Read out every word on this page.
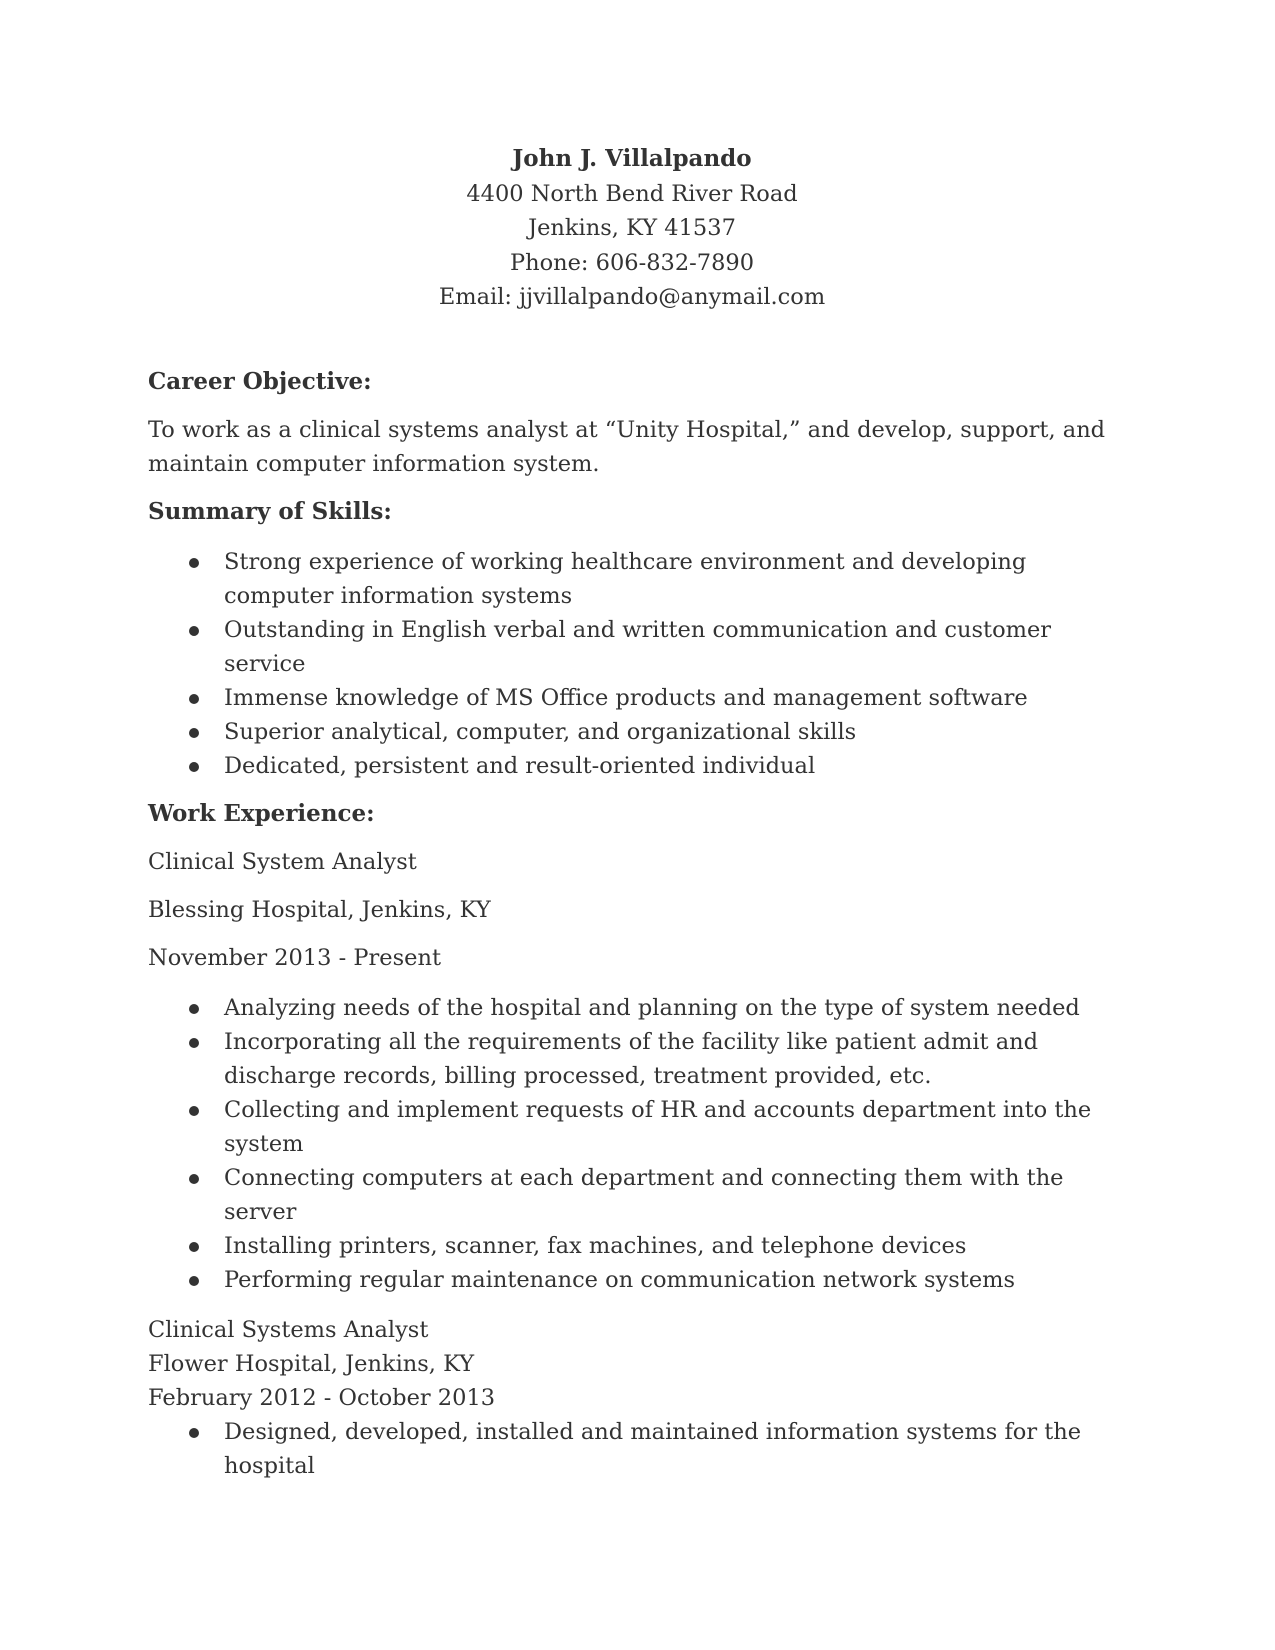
John J. Villalpando
4400 North Bend River Road
Jenkins, KY 41537
Phone: 606-832-7890
Email: jjvillalpando@anymail.com
Career Objective:
To work as a clinical systems analyst at “Unity Hospital,” and develop, support, and maintain computer information system.
Summary of Skills:
Strong experience of working healthcare environment and developing computer information systems
Outstanding in English verbal and written communication and customer service
Immense knowledge of MS Office products and management software
Superior analytical, computer, and organizational skills
Dedicated, persistent and result-oriented individual
Work Experience:
Clinical System Analyst
Blessing Hospital, Jenkins, KY
November 2013 - Present
Analyzing needs of the hospital and planning on the type of system needed
Incorporating all the requirements of the facility like patient admit and discharge records, billing processed, treatment provided, etc.
Collecting and implement requests of HR and accounts department into the system
Connecting computers at each department and connecting them with the server
Installing printers, scanner, fax machines, and telephone devices
Performing regular maintenance on communication network systems
Clinical Systems Analyst
Flower Hospital, Jenkins, KY
February 2012 - October 2013
Designed, developed, installed and maintained information systems for the hospital
